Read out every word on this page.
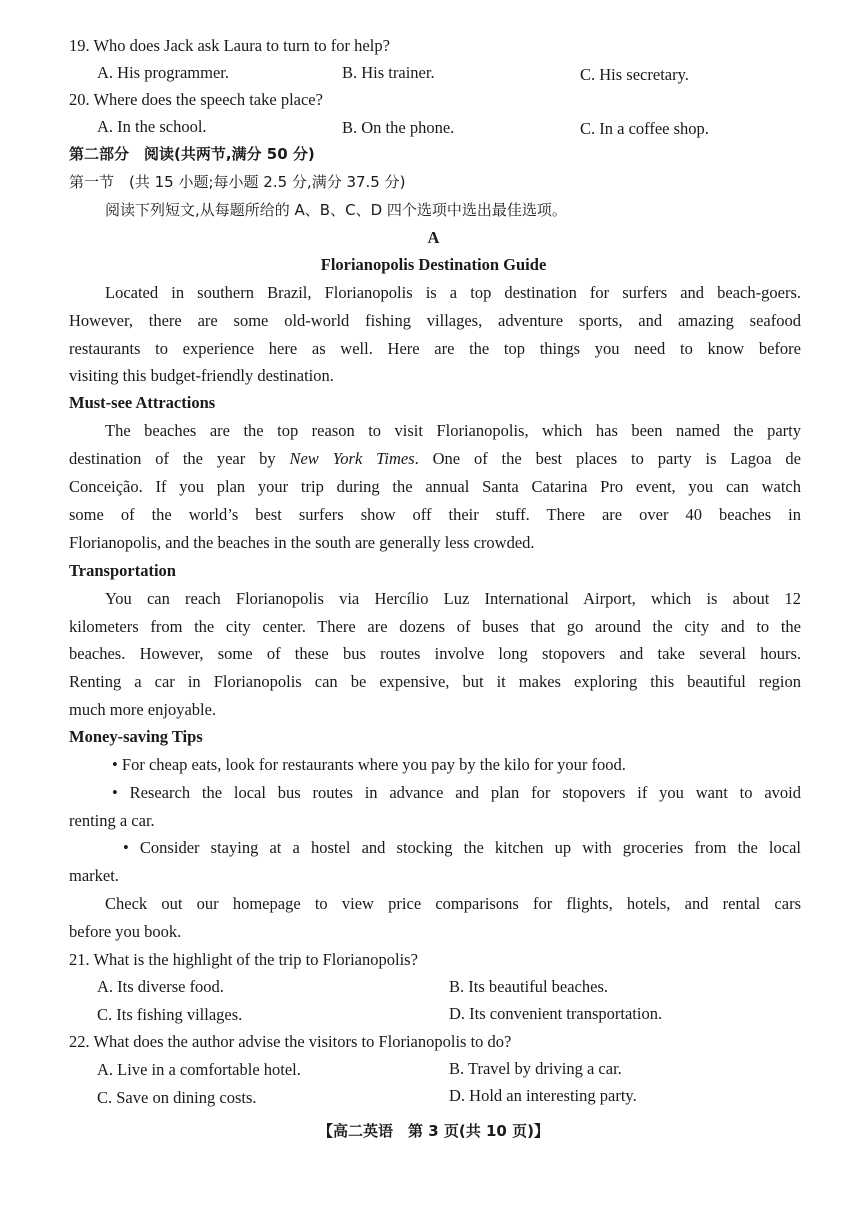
19. Who does Jack ask Laura to turn to for help?
A. His programmer.	B. His trainer.	C. His secretary.
20. Where does the speech take place?
A. In the school.	B. On the phone.	C. In a coffee shop.
第二部分　阅读(共两节,满分 50 分)
第一节　(共 15 小题;每小题 2.5 分,满分 37.5 分)
阅读下列短文,从每题所给的 A、B、C、D 四个选项中选出最佳选项。
A
Florianopolis Destination Guide
Located in southern Brazil, Florianopolis is a top destination for surfers and beach-goers.
However, there are some old-world fishing villages, adventure sports, and amazing seafood
restaurants to experience here as well. Here are the top things you need to know before
visiting this budget-friendly destination.
Must-see Attractions
The beaches are the top reason to visit Florianopolis, which has been named the party
destination of the year by New York Times. One of the best places to party is Lagoa de
Conceição. If you plan your trip during the annual Santa Catarina Pro event, you can watch
some of the world’s best surfers show off their stuff. There are over 40 beaches in
Florianopolis, and the beaches in the south are generally less crowded.
Transportation
You can reach Florianopolis via Hercílio Luz International Airport, which is about 12
kilometers from the city center. There are dozens of buses that go around the city and to the
beaches. However, some of these bus routes involve long stopovers and take several hours.
Renting a car in Florianopolis can be expensive, but it makes exploring this beautiful region
much more enjoyable.
Money-saving Tips
• For cheap eats, look for restaurants where you pay by the kilo for your food.
• Research the local bus routes in advance and plan for stopovers if you want to avoid
renting a car.
• Consider staying at a hostel and stocking the kitchen up with groceries from the local
market.
Check out our homepage to view price comparisons for flights, hotels, and rental cars
before you book.
21. What is the highlight of the trip to Florianopolis?
A. Its diverse food.	B. Its beautiful beaches.
C. Its fishing villages.	D. Its convenient transportation.
22. What does the author advise the visitors to Florianopolis to do?
A. Live in a comfortable hotel.	B. Travel by driving a car.
C. Save on dining costs.	D. Hold an interesting party.
【高二英语　第 3 页(共 10 页)】
